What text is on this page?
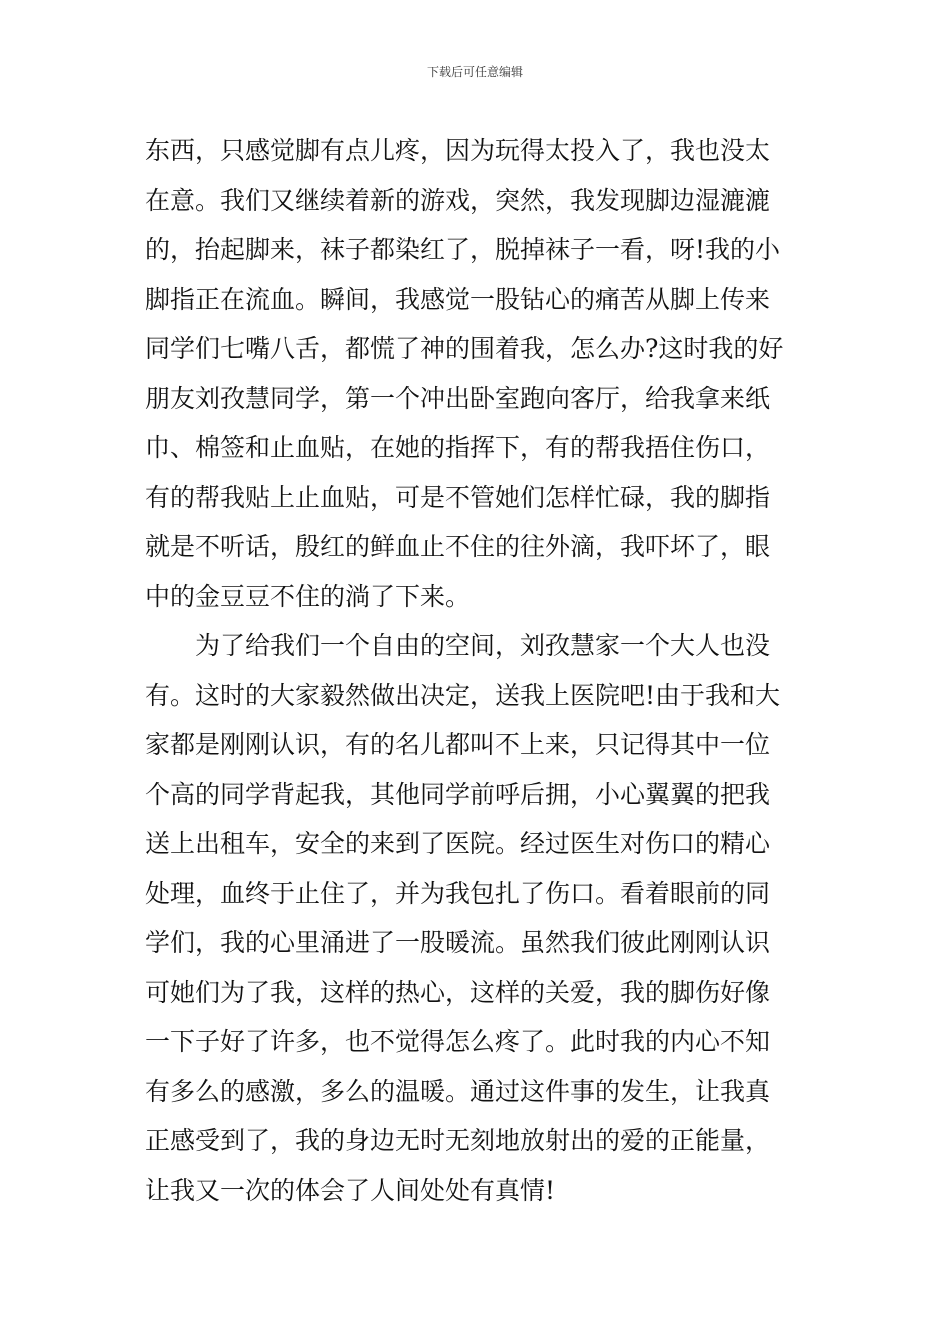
下载后可任意编辑
东西，只感觉脚有点儿疼，因为玩得太投入了，我也没太
在意。我们又继续着新的游戏，突然，我发现脚边湿漉漉
的，抬起脚来，袜子都染红了，脱掉袜子一看，呀!我的小
脚指正在流血。瞬间，我感觉一股钻心的痛苦从脚上传来
同学们七嘴八舌，都慌了神的围着我，怎么办?这时我的好
朋友刘孜慧同学，第一个冲出卧室跑向客厅，给我拿来纸
巾、棉签和止血贴，在她的指挥下，有的帮我捂住伤口，
有的帮我贴上止血贴，可是不管她们怎样忙碌，我的脚指
就是不听话，殷红的鲜血止不住的往外滴，我吓坏了，眼
中的金豆豆不住的淌了下来。
　　为了给我们一个自由的空间，刘孜慧家一个大人也没
有。这时的大家毅然做出决定，送我上医院吧!由于我和大
家都是刚刚认识，有的名儿都叫不上来，只记得其中一位
个高的同学背起我，其他同学前呼后拥，小心翼翼的把我
送上出租车，安全的来到了医院。经过医生对伤口的精心
处理，血终于止住了，并为我包扎了伤口。看着眼前的同
学们，我的心里涌进了一股暖流。虽然我们彼此刚刚认识
可她们为了我，这样的热心，这样的关爱，我的脚伤好像
一下子好了许多，也不觉得怎么疼了。此时我的内心不知
有多么的感激，多么的温暖。通过这件事的发生，让我真
正感受到了，我的身边无时无刻地放射出的爱的正能量，
让我又一次的体会了人间处处有真情!
